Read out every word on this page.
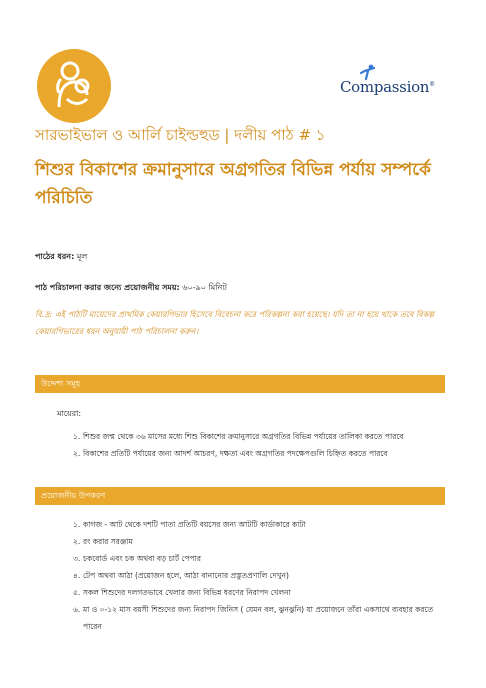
Compassion®
সারভাইভাল ও আর্লি চাইল্ডহুড | দলীয় পাঠ # ১
শিশুর বিকাশের ক্রমানুসারে অগ্রগতির বিভিন্ন পর্যায় সম্পর্কে পরিচিতি
পাঠের ধরন: মূল
পাঠ পরিচালনা করার জন্যে প্রয়োজনীয় সময়: ৬০-৯০ মিনিট
বি.দ্র: এই পাঠটি মায়েদের প্রাথমিক কেয়ারগিভার হিসেবে বিবেচনা করে পরিকল্পনা করা হয়েছে। যদি তা না হয়ে থাকে তবে বিকল্প কেয়ারগিভারের ধরন অনুযায়ী পাঠ পরিচালনা করুন।
উদ্দেশ্য সমূহ
মায়েরা:
১. শিশুর জন্ম থেকে ৩৬ মাসের মধ্যে শিশু বিকাশের ক্রমানুসারে অগ্রগতির বিভিন্ন পর্যায়ের তালিকা করতে পারবে
২. বিকাশের প্রতিটি পর্যায়ের জন্য আদর্শ আচরণ, দক্ষতা এবং অগ্রগতির পদক্ষেপগুলি চিহ্নিত করতে পারবে
প্রয়োজনীয় উপকরণ
১. কাগজ - আট থেকে দশটি পাতা প্রতিটি বয়সের জন্য আটটি কার্ডাকারে কাটা
২. রং করার সরঞ্জাম
৩. চকবোর্ড এবং চক অথবা বড় চার্ট পেপার
৪. টেপ অথবা আঠা (প্রয়োজন হলে, আঠা বানানোর প্রস্তুতপ্রণালি দেখুন)
৫. সকল শিশুদের দলগতভাবে খেলার জন্য বিভিন্ন ধরণের নিরাপদ খেলনা
৬. মা ও ০-১২ মাস বয়সী শিশুদের জন্য নিরাপদ জিনিস ( যেমন বল, ঝুনঝুনি) যা প্রয়োজনে তাঁরা একসাথে ব্যবহার করতে পারেন
